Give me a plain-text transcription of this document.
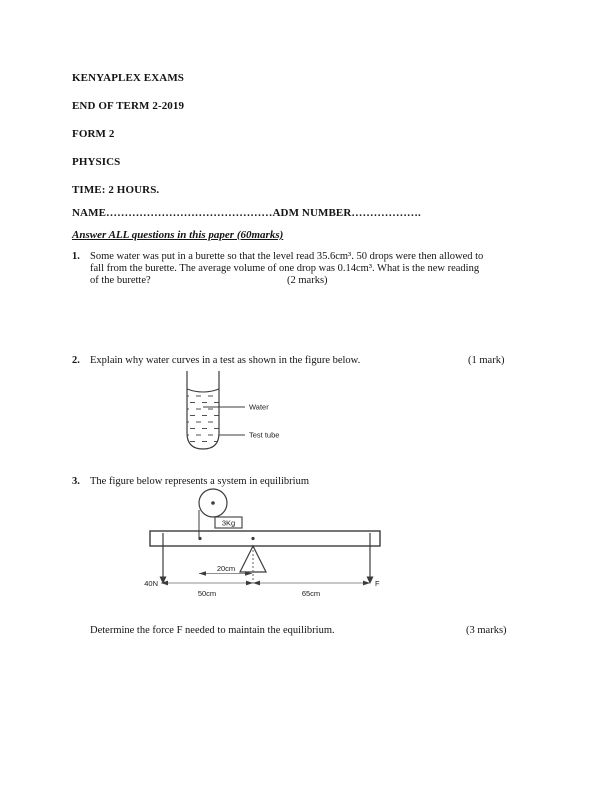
KENYAPLEX EXAMS
END OF TERM 2-2019
FORM 2
PHYSICS
TIME: 2 HOURS.
NAME………………………………………ADM NUMBER……………….
Answer ALL questions in this paper (60marks)
1. Some water was put in a burette so that the level read 35.6cm³. 50 drops were then allowed to
fall from the burette. The average volume of one drop was 0.14cm³. What is the new reading
of the burette?	(2 marks)
2. Explain why water curves in a test as shown in the figure below.	(1 mark)
Water
Test tube
3. The figure below represents a system in equilibrium
3Kg
20cm
40N	F
50cm	65cm
Determine the force F needed to maintain the equilibrium.	(3 marks)
